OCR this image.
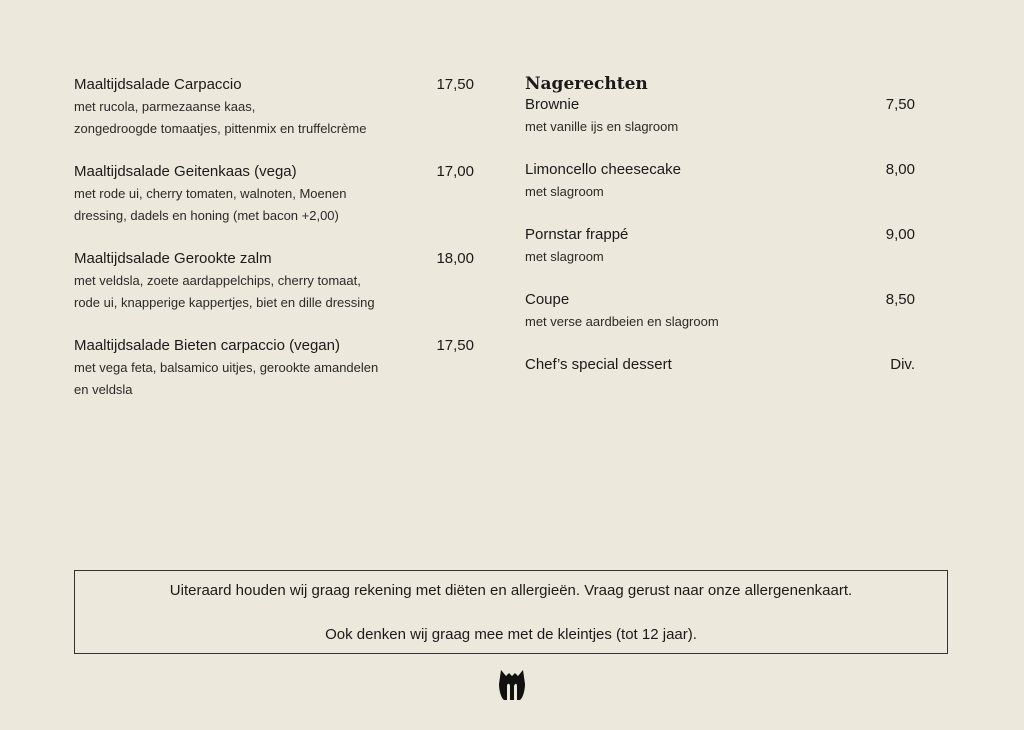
Maaltijdsalade Carpaccio	17,50
met rucola, parmezaanse kaas,
zongedroogde tomaatjes, pittenmix en truffelcrème
Maaltijdsalade Geitenkaas (vega)	17,00
met rode ui, cherry tomaten, walnoten, Moenen
dressing, dadels en honing (met bacon +2,00)
Maaltijdsalade Gerookte zalm	18,00
met veldsla, zoete aardappelchips, cherry tomaat,
rode ui, knapperige kappertjes, biet en dille dressing
Maaltijdsalade Bieten carpaccio (vegan)	17,50
met vega feta, balsamico uitjes, gerookte amandelen
en veldsla
Nagerechten
Brownie	7,50
met vanille ijs en slagroom
Limoncello cheesecake	8,00
met slagroom
Pornstar frappé	9,00
met slagroom
Coupe	8,50
met verse aardbeien en slagroom
Chef’s special dessert	Div.
Uiteraard houden wij graag rekening met diëten en allergieën. Vraag gerust naar onze allergenenkaart.
Ook denken wij graag mee met de kleintjes (tot 12 jaar).
